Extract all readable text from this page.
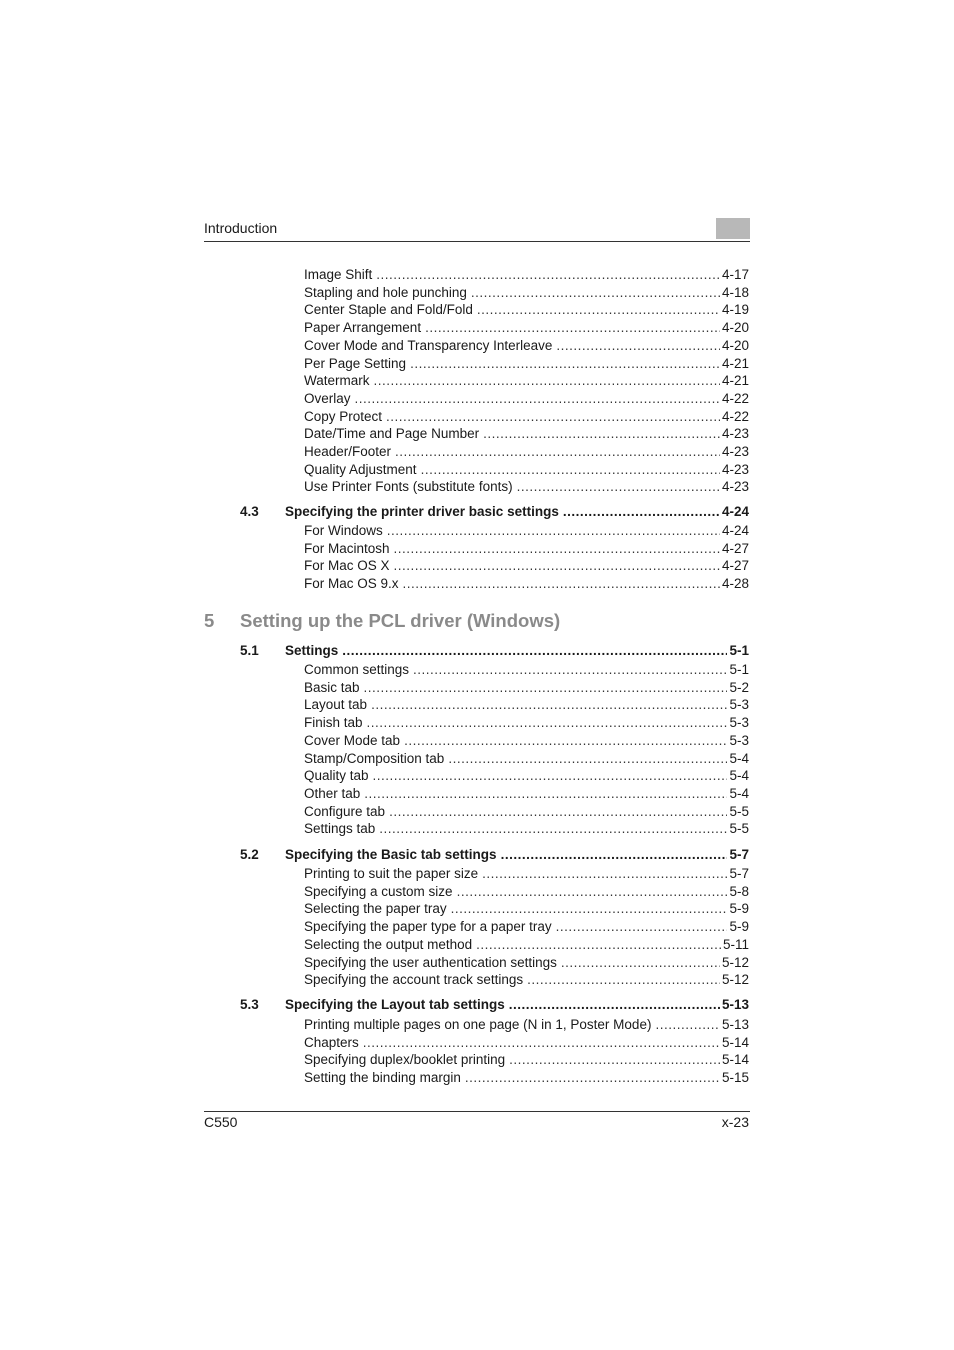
Introduction
Image Shift .....	4-17
Stapling and hole punching .....	4-18
Center Staple and Fold/Fold .....	4-19
Paper Arrangement .....	4-20
Cover Mode and Transparency Interleave .....	4-20
Per Page Setting .....	4-21
Watermark .....	4-21
Overlay .....	4-22
Copy Protect .....	4-22
Date/Time and Page Number .....	4-23
Header/Footer .....	4-23
Quality Adjustment .....	4-23
Use Printer Fonts (substitute fonts) .....	4-23
4.3	Specifying the printer driver basic settings .....	4-24
For Windows .....	4-24
For Macintosh .....	4-27
For Mac OS X .....	4-27
For Mac OS 9.x .....	4-28
5.1	Settings .....	5-1
Common settings .....	5-1
Basic tab .....	5-2
Layout tab .....	5-3
Finish tab .....	5-3
Cover Mode tab .....	5-3
Stamp/Composition tab .....	5-4
Quality tab .....	5-4
Other tab .....	5-4
Configure tab .....	5-5
Settings tab .....	5-5
5.2	Specifying the Basic tab settings .....	5-7
Printing to suit the paper size .....	5-7
Specifying a custom size .....	5-8
Selecting the paper tray .....	5-9
Specifying the paper type for a paper tray .....	5-9
Selecting the output method .....	5-11
Specifying the user authentication settings .....	5-12
Specifying the account track settings .....	5-12
5.3	Specifying the Layout tab settings .....	5-13
Printing multiple pages on one page (N in 1, Poster Mode) .....	5-13
Chapters .....	5-14
Specifying duplex/booklet printing .....	5-14
Setting the binding margin .....	5-15
5	Setting up the PCL driver (Windows)
C550	x-23
